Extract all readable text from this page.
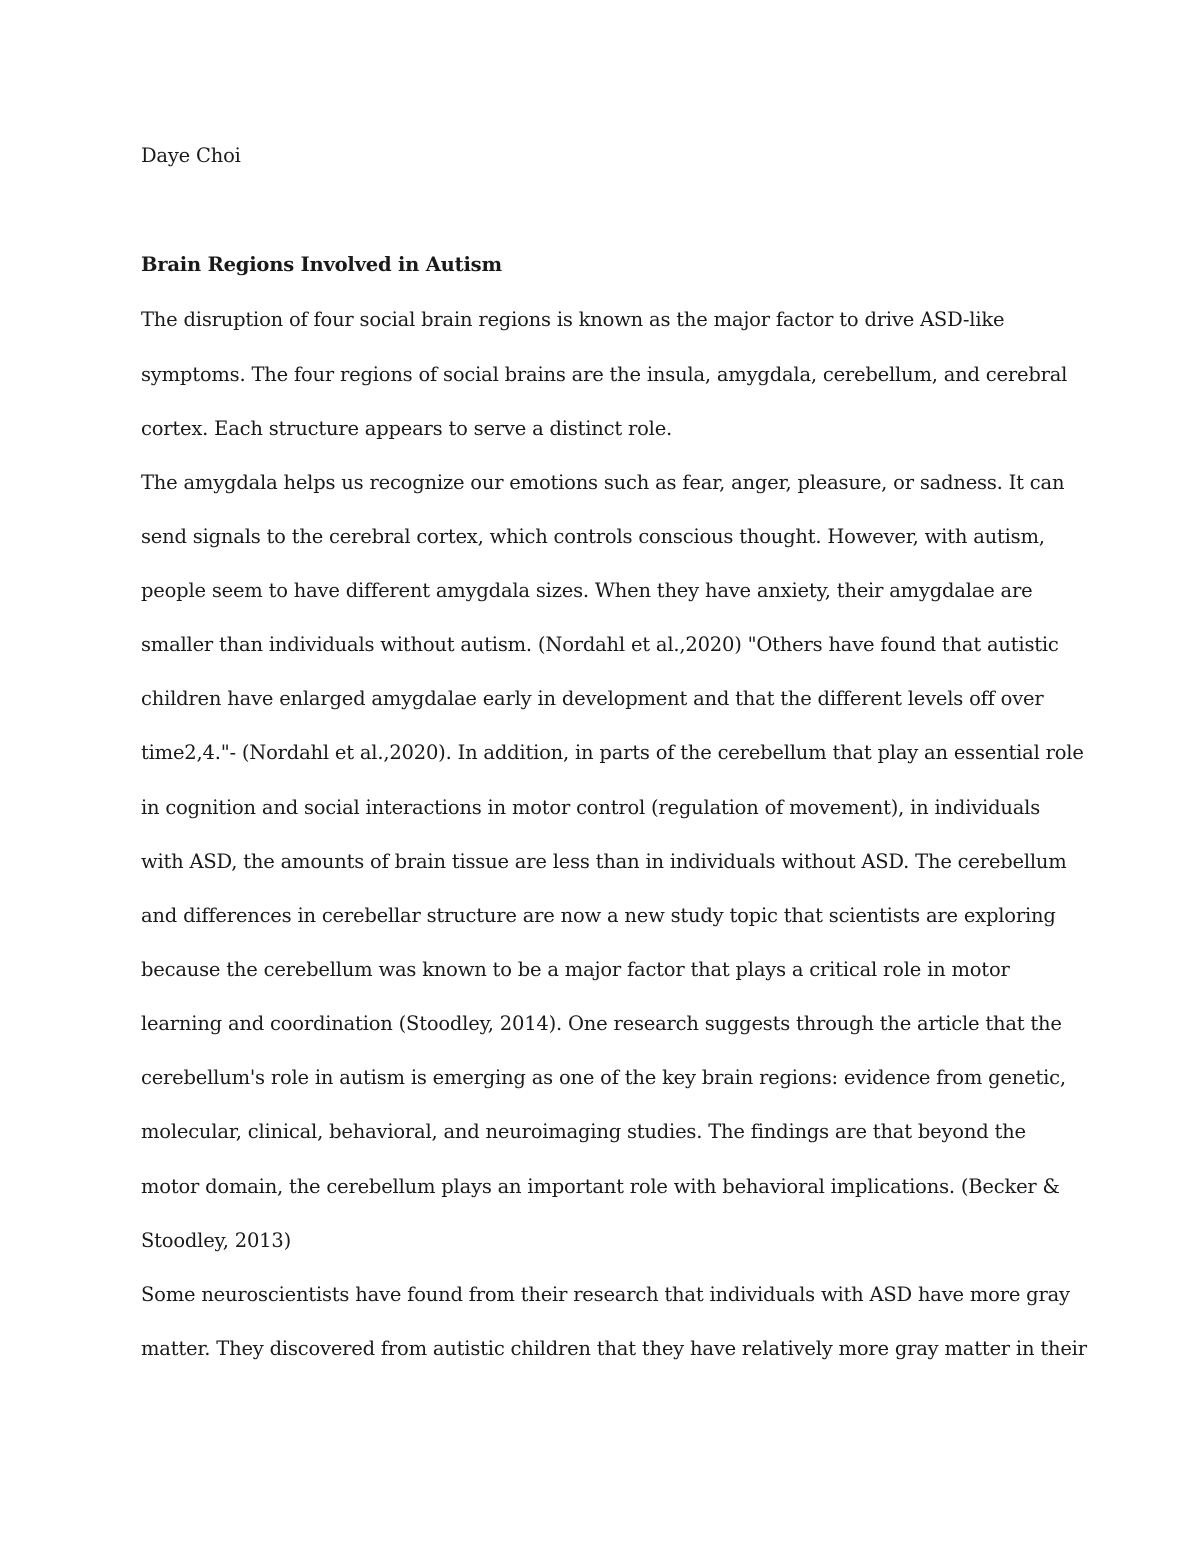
Daye Choi
Brain Regions Involved in Autism
The disruption of four social brain regions is known as the major factor to drive ASD-like
symptoms. The four regions of social brains are the insula, amygdala, cerebellum, and cerebral
cortex. Each structure appears to serve a distinct role.
The amygdala helps us recognize our emotions such as fear, anger, pleasure, or sadness. It can
send signals to the cerebral cortex, which controls conscious thought. However, with autism,
people seem to have different amygdala sizes. When they have anxiety, their amygdalae are
smaller than individuals without autism. (Nordahl et al.,2020) "Others have found that autistic
children have enlarged amygdalae early in development and that the different levels off over
time2,4."- (Nordahl et al.,2020). In addition, in parts of the cerebellum that play an essential role
in cognition and social interactions in motor control (regulation of movement), in individuals
with ASD, the amounts of brain tissue are less than in individuals without ASD. The cerebellum
and differences in cerebellar structure are now a new study topic that scientists are exploring
because the cerebellum was known to be a major factor that plays a critical role in motor
learning and coordination (Stoodley, 2014). One research suggests through the article that the
cerebellum's role in autism is emerging as one of the key brain regions: evidence from genetic,
molecular, clinical, behavioral, and neuroimaging studies. The findings are that beyond the
motor domain, the cerebellum plays an important role with behavioral implications. (Becker &
Stoodley, 2013)
Some neuroscientists have found from their research that individuals with ASD have more gray
matter. They discovered from autistic children that they have relatively more gray matter in their
